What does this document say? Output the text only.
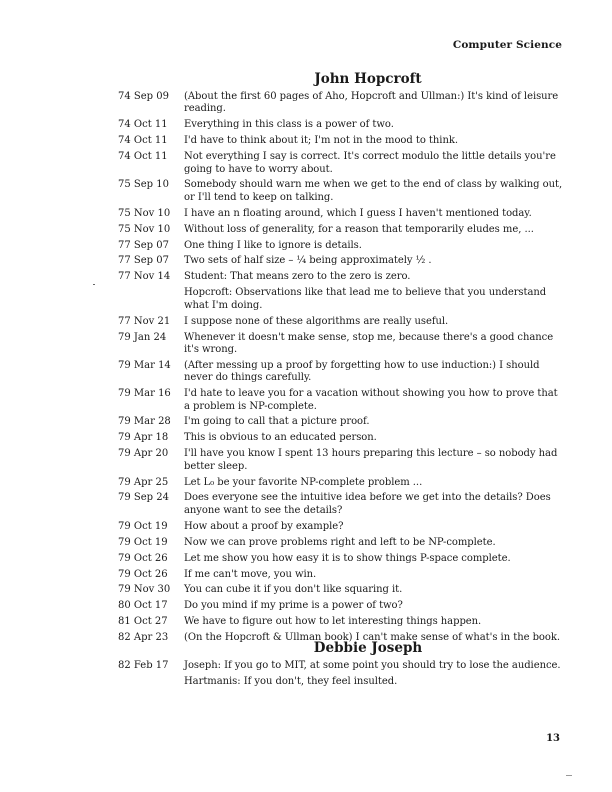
Computer Science
John Hopcroft
74 Sep 09	(About the first 60 pages of Aho, Hopcroft and Ullman:) It's kind of leisure reading.
74 Oct 11	Everything in this class is a power of two.
74 Oct 11	I'd have to think about it; I'm not in the mood to think.
74 Oct 11	Not everything I say is correct. It's correct modulo the little details you're going to have to worry about.
75 Sep 10	Somebody should warn me when we get to the end of class by walking out, or I'll tend to keep on talking.
75 Nov 10	I have an n floating around, which I guess I haven't mentioned today.
75 Nov 10	Without loss of generality, for a reason that temporarily eludes me, ...
77 Sep 07	One thing I like to ignore is details.
77 Sep 07	Two sets of half size – ¼ being approximately ½ .
77 Nov 14	Student: That means zero to the zero is zero.
Hopcroft: Observations like that lead me to believe that you understand what I'm doing.
77 Nov 21	I suppose none of these algorithms are really useful.
79 Jan 24	Whenever it doesn't make sense, stop me, because there's a good chance it's wrong.
79 Mar 14	(After messing up a proof by forgetting how to use induction:) I should never do things carefully.
79 Mar 16	I'd hate to leave you for a vacation without showing you how to prove that a problem is NP-complete.
79 Mar 28	I'm going to call that a picture proof.
79 Apr 18	This is obvious to an educated person.
79 Apr 20	I'll have you know I spent 13 hours preparing this lecture – so nobody had better sleep.
79 Apr 25	Let L₀ be your favorite NP-complete problem ...
79 Sep 24	Does everyone see the intuitive idea before we get into the details? Does anyone want to see the details?
79 Oct 19	How about a proof by example?
79 Oct 19	Now we can prove problems right and left to be NP-complete.
79 Oct 26	Let me show you how easy it is to show things P-space complete.
79 Oct 26	If me can't move, you win.
79 Nov 30	You can cube it if you don't like squaring it.
80 Oct 17	Do you mind if my prime is a power of two?
81 Oct 27	We have to figure out how to let interesting things happen.
82 Apr 23	(On the Hopcroft & Ullman book) I can't make sense of what's in the book.
Debbie Joseph
82 Feb 17	Joseph: If you go to MIT, at some point you should try to lose the audience.
Hartmanis: If you don't, they feel insulted.
13
